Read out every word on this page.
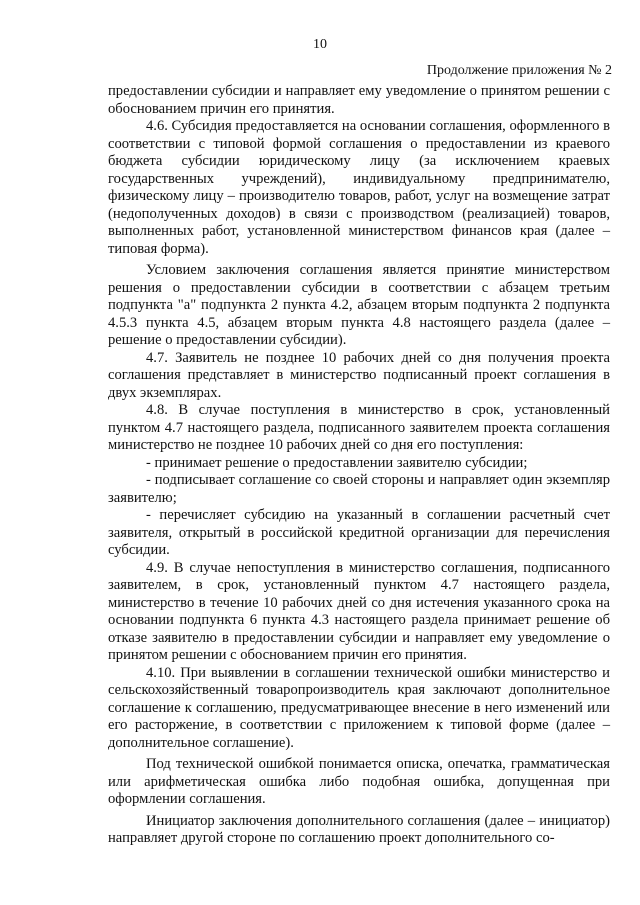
10
Продолжение приложения № 2

предоставлении субсидии и направляет ему уведомление о принятом решении с обоснованием причин его принятия.

4.6. Субсидия предоставляется на основании соглашения, оформленного в соответствии с типовой формой соглашения о предоставлении из краевого бюджета субсидии юридическому лицу (за исключением краевых государственных учреждений), индивидуальному предпринимателю, физическому лицу – производителю товаров, работ, услуг на возмещение затрат (недополученных доходов) в связи с производством (реализацией) товаров, выполненных работ, установленной министерством финансов края (далее – типовая форма).

Условием заключения соглашения является принятие министерством решения о предоставлении субсидии в соответствии с абзацем третьим подпункта "а" подпункта 2 пункта 4.2, абзацем вторым подпункта 2 подпункта 4.5.3 пункта 4.5, абзацем вторым пункта 4.8 настоящего раздела (далее – решение о предоставлении субсидии).

4.7. Заявитель не позднее 10 рабочих дней со дня получения проекта соглашения представляет в министерство подписанный проект соглашения в двух экземплярах.

4.8. В случае поступления в министерство в срок, установленный пунктом 4.7 настоящего раздела, подписанного заявителем проекта соглашения министерство не позднее 10 рабочих дней со дня его поступления:

- принимает решение о предоставлении заявителю субсидии;

- подписывает соглашение со своей стороны и направляет один экземпляр заявителю;

- перечисляет субсидию на указанный в соглашении расчетный счет заявителя, открытый в российской кредитной организации для перечисления субсидии.

4.9. В случае непоступления в министерство соглашения, подписанного заявителем, в срок, установленный пунктом 4.7 настоящего раздела, министерство в течение 10 рабочих дней со дня истечения указанного срока на основании подпункта 6 пункта 4.3 настоящего раздела принимает решение об отказе заявителю в предоставлении субсидии и направляет ему уведомление о принятом решении с обоснованием причин его принятия.

4.10. При выявлении в соглашении технической ошибки министерство и сельскохозяйственный товаропроизводитель края заключают дополнительное соглашение к соглашению, предусматривающее внесение в него изменений или его расторжение, в соответствии с приложением к типовой форме (далее – дополнительное соглашение).

Под технической ошибкой понимается описка, опечатка, грамматическая или арифметическая ошибка либо подобная ошибка, допущенная при оформлении соглашения.

Инициатор заключения дополнительного соглашения (далее – инициатор) направляет другой стороне по соглашению проект дополнительного со-
